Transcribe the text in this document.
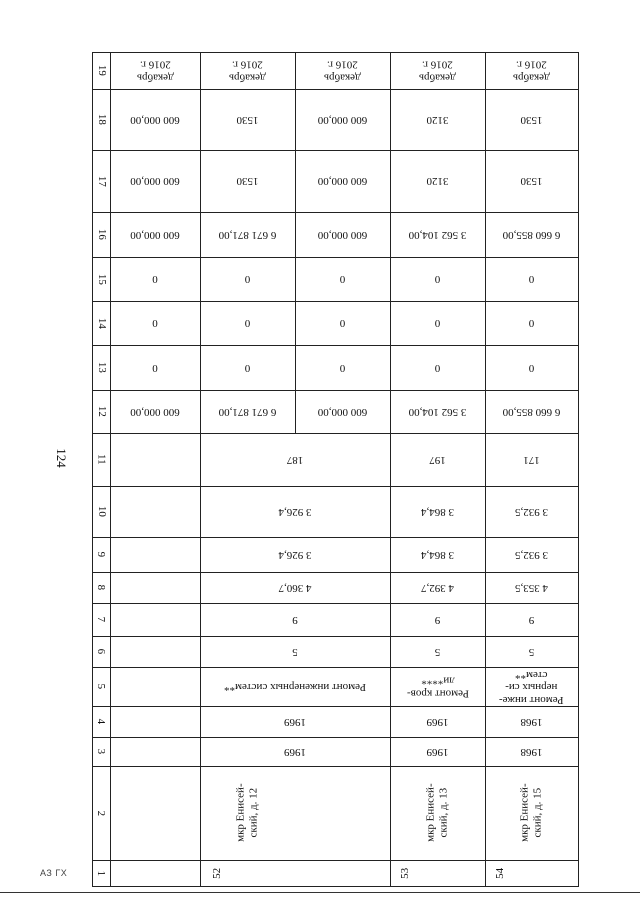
124
АЗ ГХ	1
2
3
4
5
6
7
8
9
10
11
12
13
14
15
16
17
18
19
600 000,00
0
0
0
600 000,00
600 000,00
600 000,00
декабрь
2016 г.
187
3 926,4
3 926,4
4 360,7
9
5
Ремонт инженерных систем**
1969
1969
мкр Енисей- ский, д. 12
52
6 671 871,00
0
0
0
6 671 871,00
1530
1530
декабрь
2016 г.
600 000,00
0
0
0
600 000,00
600 000,00
600 000,00
декабрь
2016 г.
197
3 864,4
3 864,4
4 392,7
9
5
1969
1969
Ремонт кров-
ли****
мкр Енисей- ский, д. 13
53
3 562 104,00
0
0
0
3 562 104,00
3120
3120
декабрь
2016 г.
171
3 932,5
3 932,5
4 353,5
9
5
1968
1968
Ремонт инже-
нерных си-
стем**
мкр Енисей- ский, д. 15
54
6 660 855,00
0
0
0
6 660 855,00
1530
1530
декабрь
2016 г.
